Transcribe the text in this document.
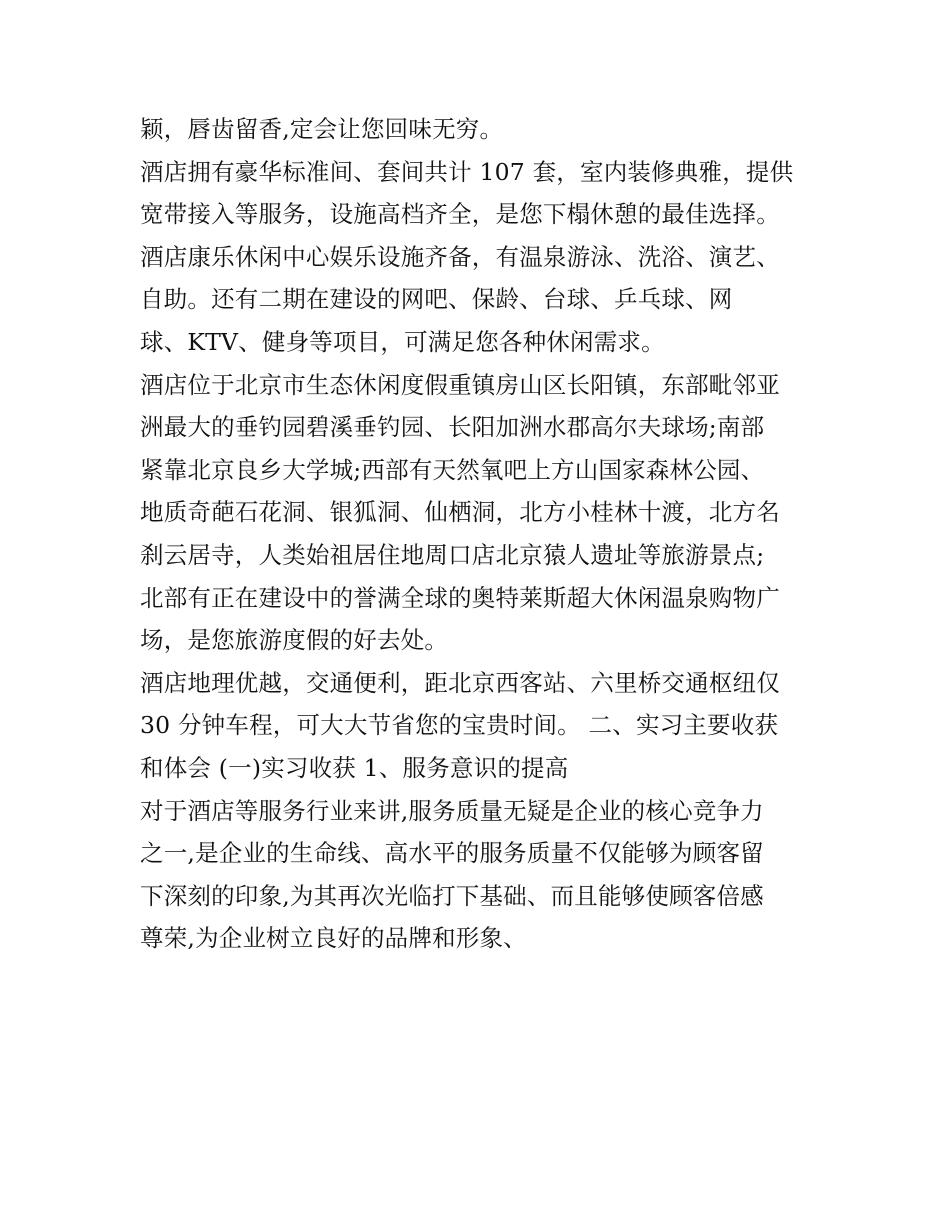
颖，唇齿留香,定会让您回味无穷。
酒店拥有豪华标准间、套间共计 107 套，室内装修典雅，提供
宽带接入等服务，设施高档齐全，是您下榻休憩的最佳选择。
酒店康乐休闲中心娱乐设施齐备，有温泉游泳、洗浴、演艺、
自助。还有二期在建设的网吧、保龄、台球、乒乓球、网
球、KTV、健身等项目，可满足您各种休闲需求。
酒店位于北京市生态休闲度假重镇房山区长阳镇，东部毗邻亚
洲最大的垂钓园碧溪垂钓园、长阳加洲水郡高尔夫球场;南部
紧靠北京良乡大学城;西部有天然氧吧上方山国家森林公园、
地质奇葩石花洞、银狐洞、仙栖洞，北方小桂林十渡，北方名
刹云居寺，人类始祖居住地周口店北京猿人遗址等旅游景点;
北部有正在建设中的誉满全球的奥特莱斯超大休闲温泉购物广
场，是您旅游度假的好去处。
酒店地理优越，交通便利，距北京西客站、六里桥交通枢纽仅
30 分钟车程，可大大节省您的宝贵时间。 二、实习主要收获
和体会 (一)实习收获 1、服务意识的提高
对于酒店等服务行业来讲,服务质量无疑是企业的核心竞争力
之一,是企业的生命线、高水平的服务质量不仅能够为顾客留
下深刻的印象,为其再次光临打下基础、而且能够使顾客倍感
尊荣,为企业树立良好的品牌和形象、
